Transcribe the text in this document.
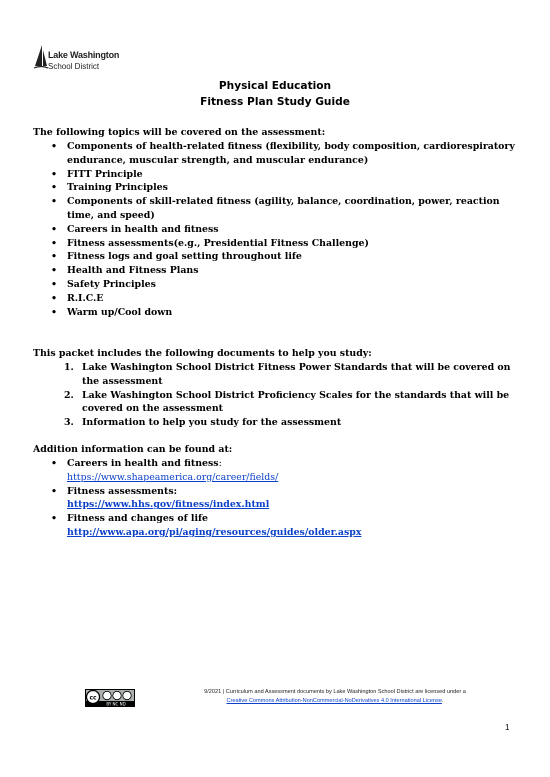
Lake Washington
School District
Physical Education
Fitness Plan Study Guide
The following topics will be covered on the assessment:
• Components of health-related fitness (flexibility, body composition, cardiorespiratory endurance, muscular strength, and muscular endurance)
• FITT Principle
• Training Principles
• Components of skill-related fitness (agility, balance, coordination, power, reaction time, and speed)
• Careers in health and fitness
• Fitness assessments(e.g., Presidential Fitness Challenge)
• Fitness logs and goal setting throughout life
• Health and Fitness Plans
• Safety Principles
• R.I.C.E
• Warm up/Cool down
This packet includes the following documents to help you study:
1. Lake Washington School District Fitness Power Standards that will be covered on the assessment
2. Lake Washington School District Proficiency Scales for the standards that will be covered on the assessment
3. Information to help you study for the assessment
Addition information can be found at:
• Careers in health and fitness:
https://www.shapeamerica.org/career/fields/
• Fitness assessments:
https://www.hhs.gov/fitness/index.html
• Fitness and changes of life
http://www.apa.org/pi/aging/resources/guides/older.aspx
cc
BY NC ND
9/2021 | Curriculum and Assessment documents by Lake Washington School District are licensed under a
Creative Commons Attribution-NonCommercial-NoDerivatives 4.0 International License.
1
